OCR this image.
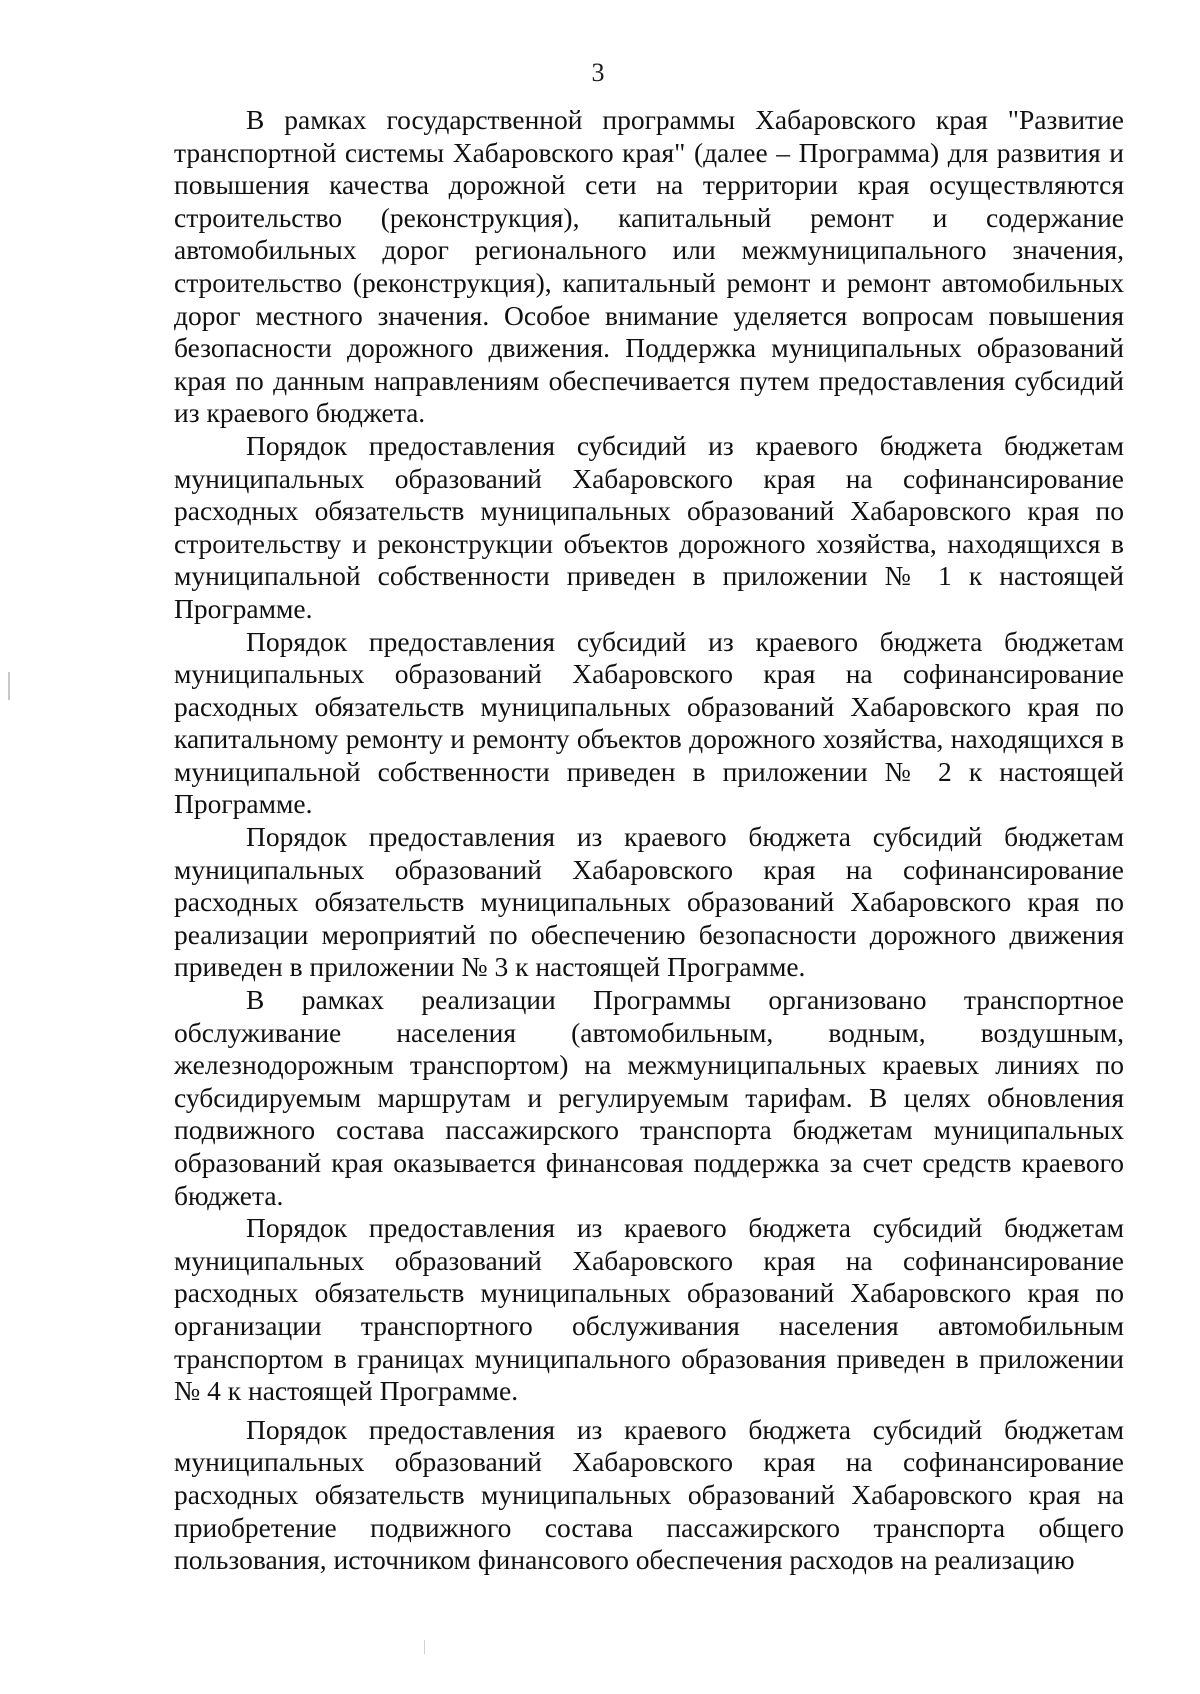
3

В рамках государственной программы Хабаровского края "Развитие транспортной системы Хабаровского края" (далее – Программа) для развития и повышения качества дорожной сети на территории края осуществляются строительство (реконструкция), капитальный ремонт и содержание автомобильных дорог регионального или межмуниципального значения, строительство (реконструкция), капитальный ремонт и ремонт автомобильных дорог местного значения. Особое внимание уделяется вопросам повышения безопасности дорожного движения. Поддержка муниципальных образований края по данным направлениям обеспечивается путем предоставления субсидий из краевого бюджета.

Порядок предоставления субсидий из краевого бюджета бюджетам муниципальных образований Хабаровского края на софинансирование расходных обязательств муниципальных образований Хабаровского края по строительству и реконструкции объектов дорожного хозяйства, находящихся в муниципальной собственности приведен в приложении № 1 к настоящей Программе.

Порядок предоставления субсидий из краевого бюджета бюджетам муниципальных образований Хабаровского края на софинансирование расходных обязательств муниципальных образований Хабаровского края по капитальному ремонту и ремонту объектов дорожного хозяйства, находящихся в муниципальной собственности приведен в приложении № 2 к настоящей Программе.

Порядок предоставления из краевого бюджета субсидий бюджетам муниципальных образований Хабаровского края на софинансирование расходных обязательств муниципальных образований Хабаровского края по реализации мероприятий по обеспечению безопасности дорожного движения приведен в приложении № 3 к настоящей Программе.

В рамках реализации Программы организовано транспортное обслуживание населения (автомобильным, водным, воздушным, железнодорожным транспортом) на межмуниципальных краевых линиях по субсидируемым маршрутам и регулируемым тарифам. В целях обновления подвижного состава пассажирского транспорта бюджетам муниципальных образований края оказывается финансовая поддержка за счет средств краевого бюджета.

Порядок предоставления из краевого бюджета субсидий бюджетам муниципальных образований Хабаровского края на софинансирование расходных обязательств муниципальных образований Хабаровского края по организации транспортного обслуживания населения автомобильным транспортом в границах муниципального образования приведен в приложении № 4 к настоящей Программе.

Порядок предоставления из краевого бюджета субсидий бюджетам муниципальных образований Хабаровского края на софинансирование расходных обязательств муниципальных образований Хабаровского края на приобретение подвижного состава пассажирского транспорта общего пользования, источником финансового обеспечения расходов на реализацию
